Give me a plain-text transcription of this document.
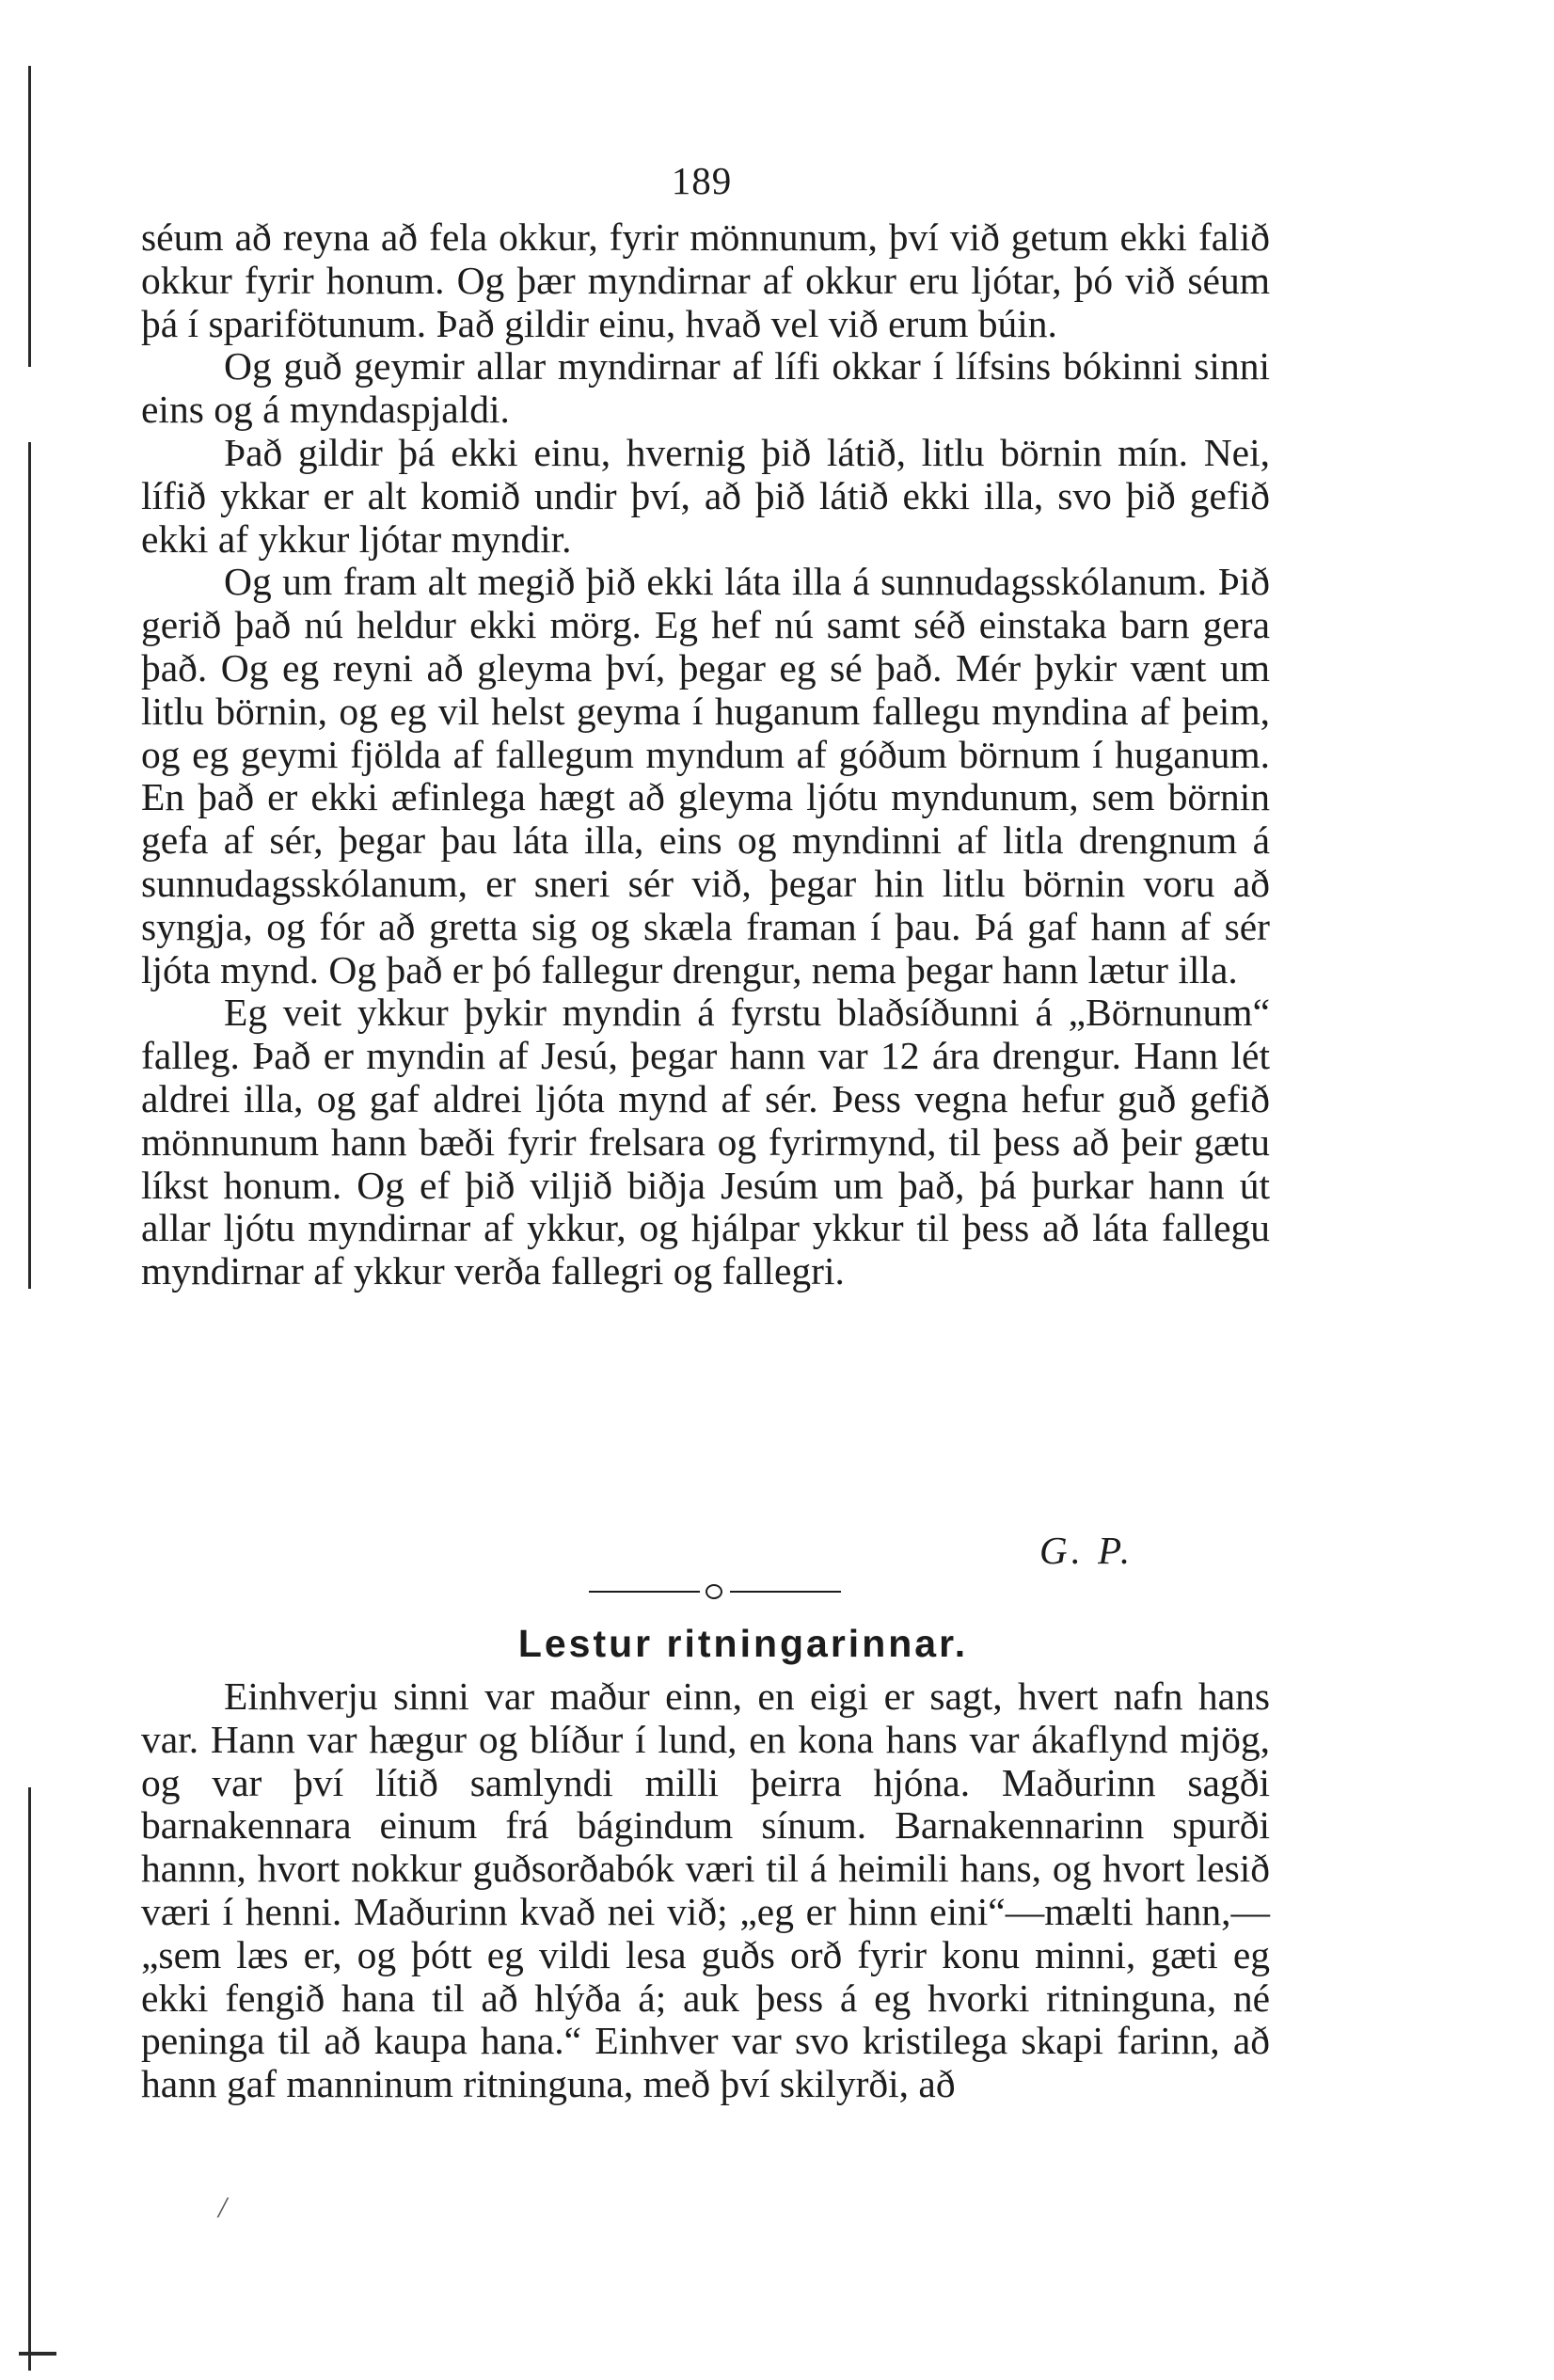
189

séum að reyna að fela okkur, fyrir mönnunum, því við getum ekki falið okkur fyrir honum. Og þær myndirnar af okkur eru ljótar, þó við séum þá í sparifötunum. Það gildir einu, hvað vel við erum búin.

Og guð geymir allar myndirnar af lífi okkar í lífsins bókinni sinni eins og á myndaspjaldi.

Það gildir þá ekki einu, hvernig þið látið, litlu börnin mín. Nei, lífið ykkar er alt komið undir því, að þið látið ekki illa, svo þið gefið ekki af ykkur ljótar myndir.

Og um fram alt megið þið ekki láta illa á sunnudagsskólanum. Þið gerið það nú heldur ekki mörg. Eg hef nú samt séð einstaka barn gera það. Og eg reyni að gleyma því, þegar eg sé það. Mér þykir vænt um litlu börnin, og eg vil helst geyma í huganum fallegu myndina af þeim, og eg geymi fjölda af fallegum myndum af góðum börnum í huganum. En það er ekki æfinlega hægt að gleyma ljótu myndunum, sem börnin gefa af sér, þegar þau láta illa, eins og myndinni af litla drengnum á sunnudagsskólanum, er sneri sér við, þegar hin litlu börnin voru að syngja, og fór að gretta sig og skæla framan í þau. Þá gaf hann af sér ljóta mynd. Og það er þó fallegur drengur, nema þegar hann lætur illa.

Eg veit ykkur þykir myndin á fyrstu blaðsíðunni á „Börnunum“ falleg. Það er myndin af Jesú, þegar hann var 12 ára drengur. Hann lét aldrei illa, og gaf aldrei ljóta mynd af sér. Þess vegna hefur guð gefið mönnunum hann bæði fyrir frelsara og fyrirmynd, til þess að þeir gætu líkst honum. Og ef þið viljið biðja Jesúm um það, þá þurkar hann út allar ljótu myndirnar af ykkur, og hjálpar ykkur til þess að láta fallegu myndirnar af ykkur verða fallegri og fallegri.

G. P.
Lestur ritningarinnar.

Einhverju sinni var maður einn, en eigi er sagt, hvert nafn hans var. Hann var hægur og blíður í lund, en kona hans var ákaflynd mjög, og var því lítið samlyndi milli þeirra hjóna. Maðurinn sagði barnakennara einum frá bágindum sínum. Barnakennarinn spurði hannn, hvort nokkur guðsorðabók væri til á heimili hans, og hvort lesið væri í henni. Maðurinn kvað nei við; „eg er hinn eini“—mælti hann,— „sem læs er, og þótt eg vildi lesa guðs orð fyrir konu minni, gæti eg ekki fengið hana til að hlýða á; auk þess á eg hvorki ritninguna, né peninga til að kaupa hana.“ Einhver var svo kristilega skapi farinn, að hann gaf manninum ritninguna, með því skilyrði, að

/
